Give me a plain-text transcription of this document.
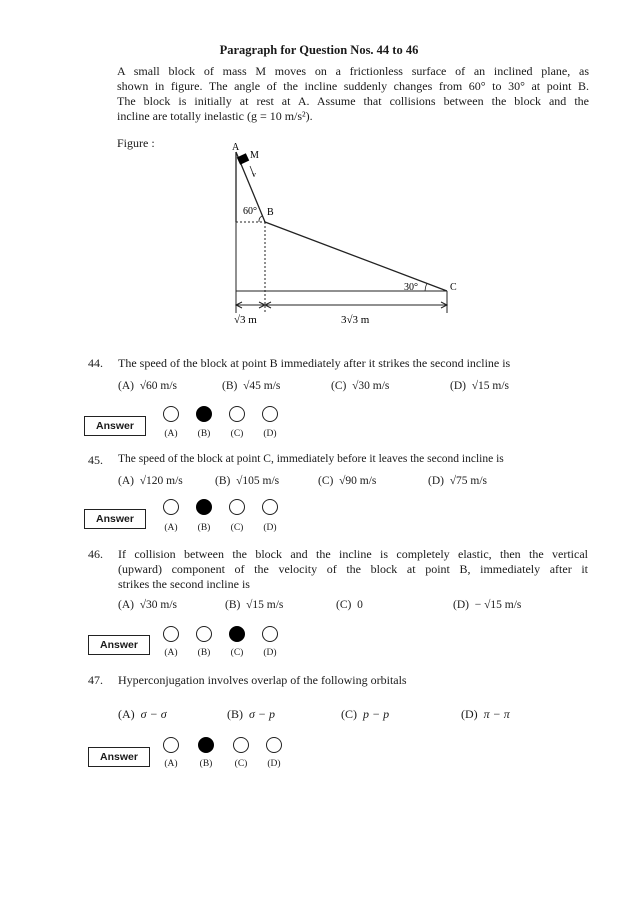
Paragraph for Question Nos. 44 to 46
A small block of mass M moves on a frictionless surface of an inclined plane, as
shown in figure. The angle of the incline suddenly changes from 60° to 30° at point B.
The block is initially at rest at A. Assume that collisions between the block and the
incline are totally inelastic (g = 10 m/s²).
Figure :	A
M
v
60° B
30°	C
√3 m	3√3 m
44. The speed of the block at point B immediately after it strikes the second incline is
(A) √60 m/s	(B) √45 m/s	(C) √30 m/s	(D) √15 m/s
Answer
(A)	(B)	(C)	(D)
45. The speed of the block at point C, immediately before it leaves the second incline is
(A) √120 m/s	(B) √105 m/s	(C) √90 m/s	(D) √75 m/s
Answer
(A)	(B)	(C)	(D)
46. If collision between the block and the incline is completely elastic, then the vertical
(upward) component of the velocity of the block at point B, immediately after it
strikes the second incline is
(A) √30 m/s	(B) √15 m/s	(C) 0	(D) − √15 m/s
Answer
(A)	(B)	(C)	(D)
47. Hyperconjugation involves overlap of the following orbitals
(A) σ − σ	(B) σ − p	(C) p − p	(D) π − π
Answer
(A)	(B)	(C)	(D)
